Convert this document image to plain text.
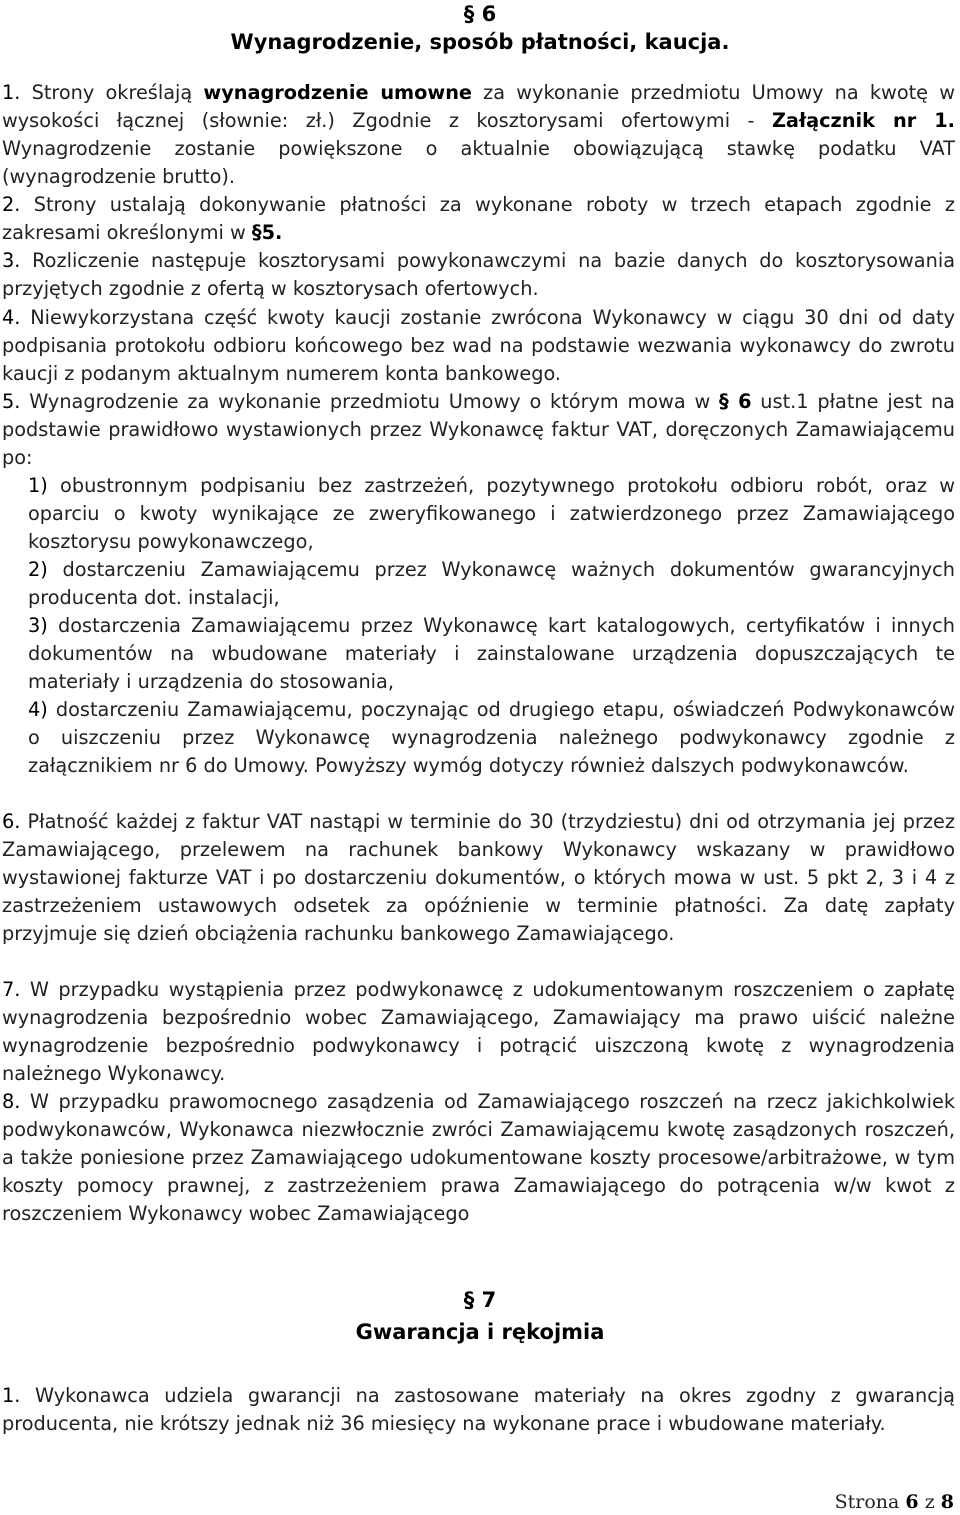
§ 6
Wynagrodzenie, sposób płatności, kaucja.

1. Strony określają wynagrodzenie umowne za wykonanie przedmiotu Umowy na kwotę w wysokości łącznej (słownie: zł.) Zgodnie z kosztorysami ofertowymi - Załącznik nr 1. Wynagrodzenie zostanie powiększone o aktualnie obowiązującą stawkę podatku VAT (wynagrodzenie brutto).

2. Strony ustalają dokonywanie płatności za wykonane roboty w trzech etapach zgodnie z zakresami określonymi w §5.

3. Rozliczenie następuje kosztorysami powykonawczymi na bazie danych do kosztorysowania przyjętych zgodnie z ofertą w kosztorysach ofertowych.

4. Niewykorzystana część kwoty kaucji zostanie zwrócona Wykonawcy w ciągu 30 dni od daty podpisania protokołu odbioru końcowego bez wad na podstawie wezwania wykonawcy do zwrotu kaucji z podanym aktualnym numerem konta bankowego.

5. Wynagrodzenie za wykonanie przedmiotu Umowy o którym mowa w § 6 ust.1 płatne jest na podstawie prawidłowo wystawionych przez Wykonawcę faktur VAT, doręczonych Zamawiającemu po:

1) obustronnym podpisaniu bez zastrzeżeń, pozytywnego protokołu odbioru robót, oraz w oparciu o kwoty wynikające ze zweryfikowanego i zatwierdzonego przez Zamawiającego kosztorysu powykonawczego,

2) dostarczeniu Zamawiającemu przez Wykonawcę ważnych dokumentów gwarancyjnych producenta dot. instalacji,

3) dostarczenia Zamawiającemu przez Wykonawcę kart katalogowych, certyfikatów i innych dokumentów na wbudowane materiały i zainstalowane urządzenia dopuszczających te materiały i urządzenia do stosowania,

4) dostarczeniu Zamawiającemu, poczynając od drugiego etapu, oświadczeń Podwykonawców o uiszczeniu przez Wykonawcę wynagrodzenia należnego podwykonawcy zgodnie z załącznikiem nr 6 do Umowy. Powyższy wymóg dotyczy również dalszych podwykonawców.

6. Płatność każdej z faktur VAT nastąpi w terminie do 30 (trzydziestu) dni od otrzymania jej przez Zamawiającego, przelewem na rachunek bankowy Wykonawcy wskazany w prawidłowo wystawionej fakturze VAT i po dostarczeniu dokumentów, o których mowa w ust. 5 pkt 2, 3 i 4 z zastrzeżeniem ustawowych odsetek za opóźnienie w terminie płatności. Za datę zapłaty przyjmuje się dzień obciążenia rachunku bankowego Zamawiającego.

7. W przypadku wystąpienia przez podwykonawcę z udokumentowanym roszczeniem o zapłatę wynagrodzenia bezpośrednio wobec Zamawiającego, Zamawiający ma prawo uiścić należne wynagrodzenie bezpośrednio podwykonawcy i potrącić uiszczoną kwotę z wynagrodzenia należnego Wykonawcy.

8. W przypadku prawomocnego zasądzenia od Zamawiającego roszczeń na rzecz jakichkolwiek podwykonawców, Wykonawca niezwłocznie zwróci Zamawiającemu kwotę zasądzonych roszczeń, a także poniesione przez Zamawiającego udokumentowane koszty procesowe/arbitrażowe, w tym koszty pomocy prawnej, z zastrzeżeniem prawa Zamawiającego do potrącenia w/w kwot z roszczeniem Wykonawcy wobec Zamawiającego

§ 7
Gwarancja i rękojmia

1. Wykonawca udziela gwarancji na zastosowane materiały na okres zgodny z gwarancją producenta, nie krótszy jednak niż 36 miesięcy na wykonane prace i wbudowane materiały.

Strona 6 z 8
